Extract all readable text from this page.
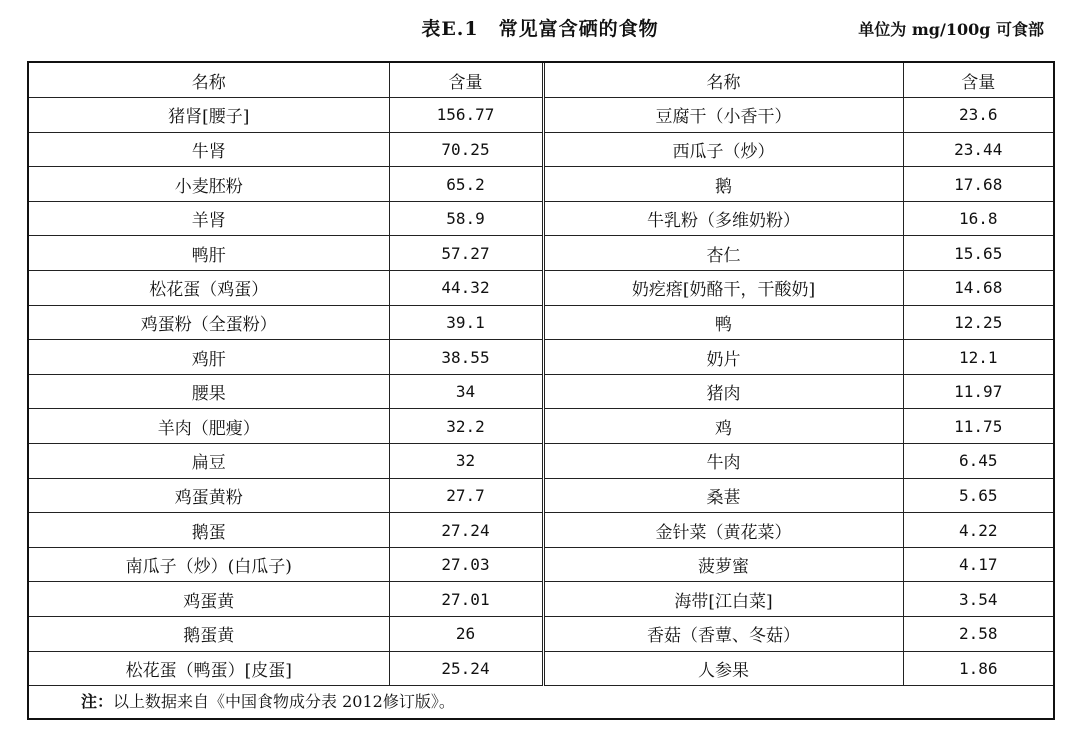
表E.1　常见富含硒的食物	单位为 mg/100g 可食部
名称	含量	名称	含量
猪肾[腰子]	156.77	豆腐干（小香干）	23.6
牛肾	70.25	西瓜子（炒）	23.44
小麦胚粉	65.2	鹅	17.68
羊肾	58.9	牛乳粉（多维奶粉）	16.8
鸭肝	57.27	杏仁	15.65
松花蛋（鸡蛋）	44.32	奶疙瘩[奶酪干，干酸奶]	14.68
鸡蛋粉（全蛋粉）	39.1	鸭	12.25
鸡肝	38.55	奶片	12.1
腰果	34	猪肉	11.97
羊肉（肥瘦）	32.2	鸡	11.75
扁豆	32	牛肉	6.45
鸡蛋黄粉	27.7	桑葚	5.65
鹅蛋	27.24	金针菜（黄花菜）	4.22
南瓜子（炒）(白瓜子)	27.03	菠萝蜜	4.17
鸡蛋黄	27.01	海带[江白菜]	3.54
鹅蛋黄	26	香菇（香蕈、冬菇）	2.58
松花蛋（鸭蛋）[皮蛋]	25.24	人参果	1.86
注：以上数据来自《中国食物成分表 2012修订版》。
